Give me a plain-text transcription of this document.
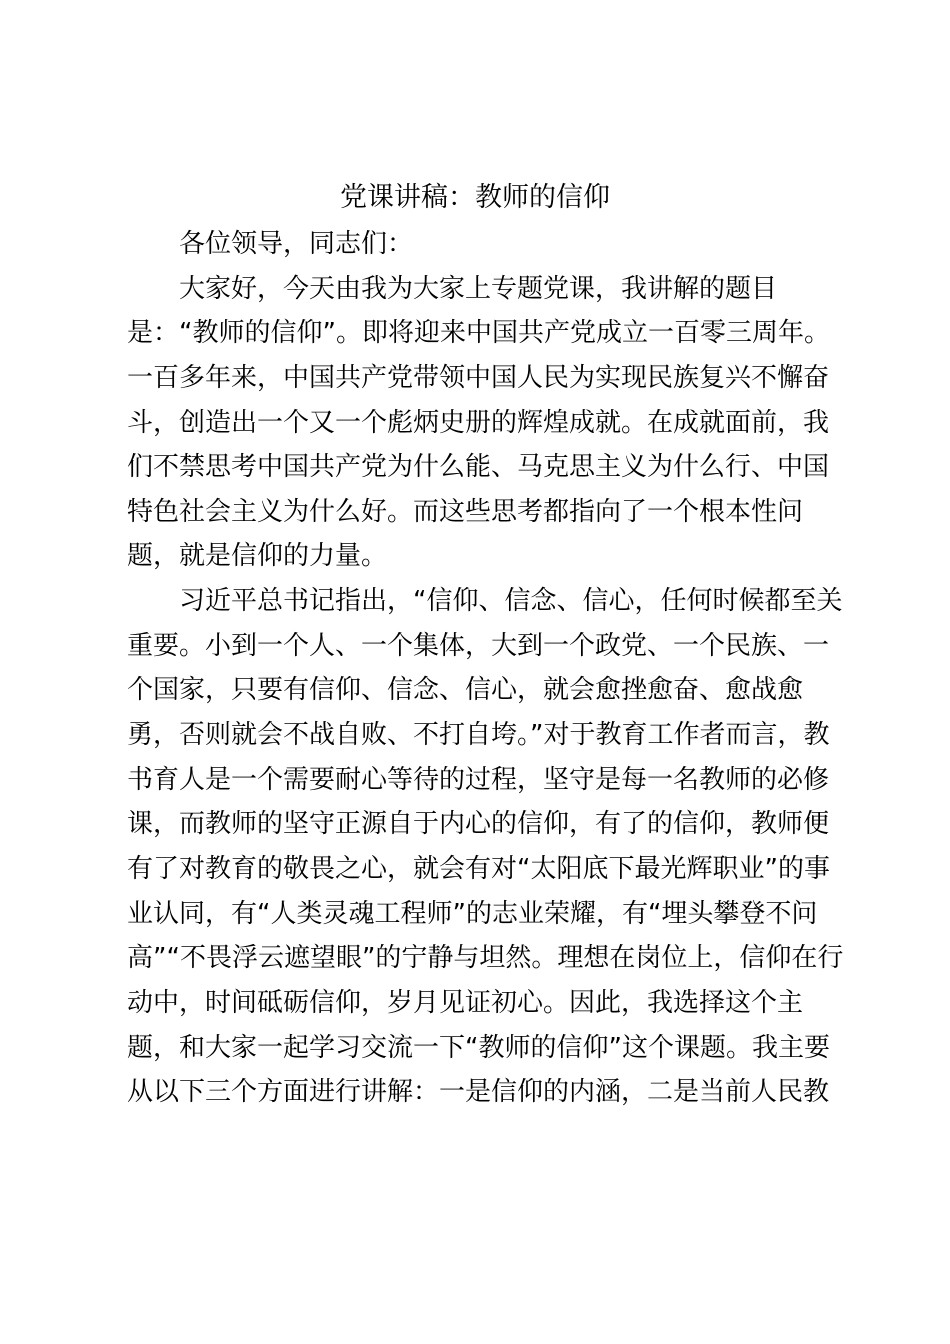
党课讲稿：教师的信仰
各位领导，同志们：
大家好，今天由我为大家上专题党课，我讲解的题目
是：“教师的信仰”。即将迎来中国共产党成立一百零三周年。
一百多年来，中国共产党带领中国人民为实现民族复兴不懈奋
斗，创造出一个又一个彪炳史册的辉煌成就。在成就面前，我
们不禁思考中国共产党为什么能、马克思主义为什么行、中国
特色社会主义为什么好。而这些思考都指向了一个根本性问
题，就是信仰的力量。
习近平总书记指出，“信仰、信念、信心，任何时候都至关
重要。小到一个人、一个集体，大到一个政党、一个民族、一
个国家，只要有信仰、信念、信心，就会愈挫愈奋、愈战愈
勇，否则就会不战自败、不打自垮。”对于教育工作者而言，教
书育人是一个需要耐心等待的过程，坚守是每一名教师的必修
课，而教师的坚守正源自于内心的信仰，有了的信仰，教师便
有了对教育的敬畏之心，就会有对“太阳底下最光辉职业”的事
业认同，有“人类灵魂工程师”的志业荣耀，有“埋头攀登不问
高”“不畏浮云遮望眼”的宁静与坦然。理想在岗位上，信仰在行
动中，时间砥砺信仰，岁月见证初心。因此，我选择这个主
题，和大家一起学习交流一下“教师的信仰”这个课题。我主要
从以下三个方面进行讲解：一是信仰的内涵，二是当前人民教
